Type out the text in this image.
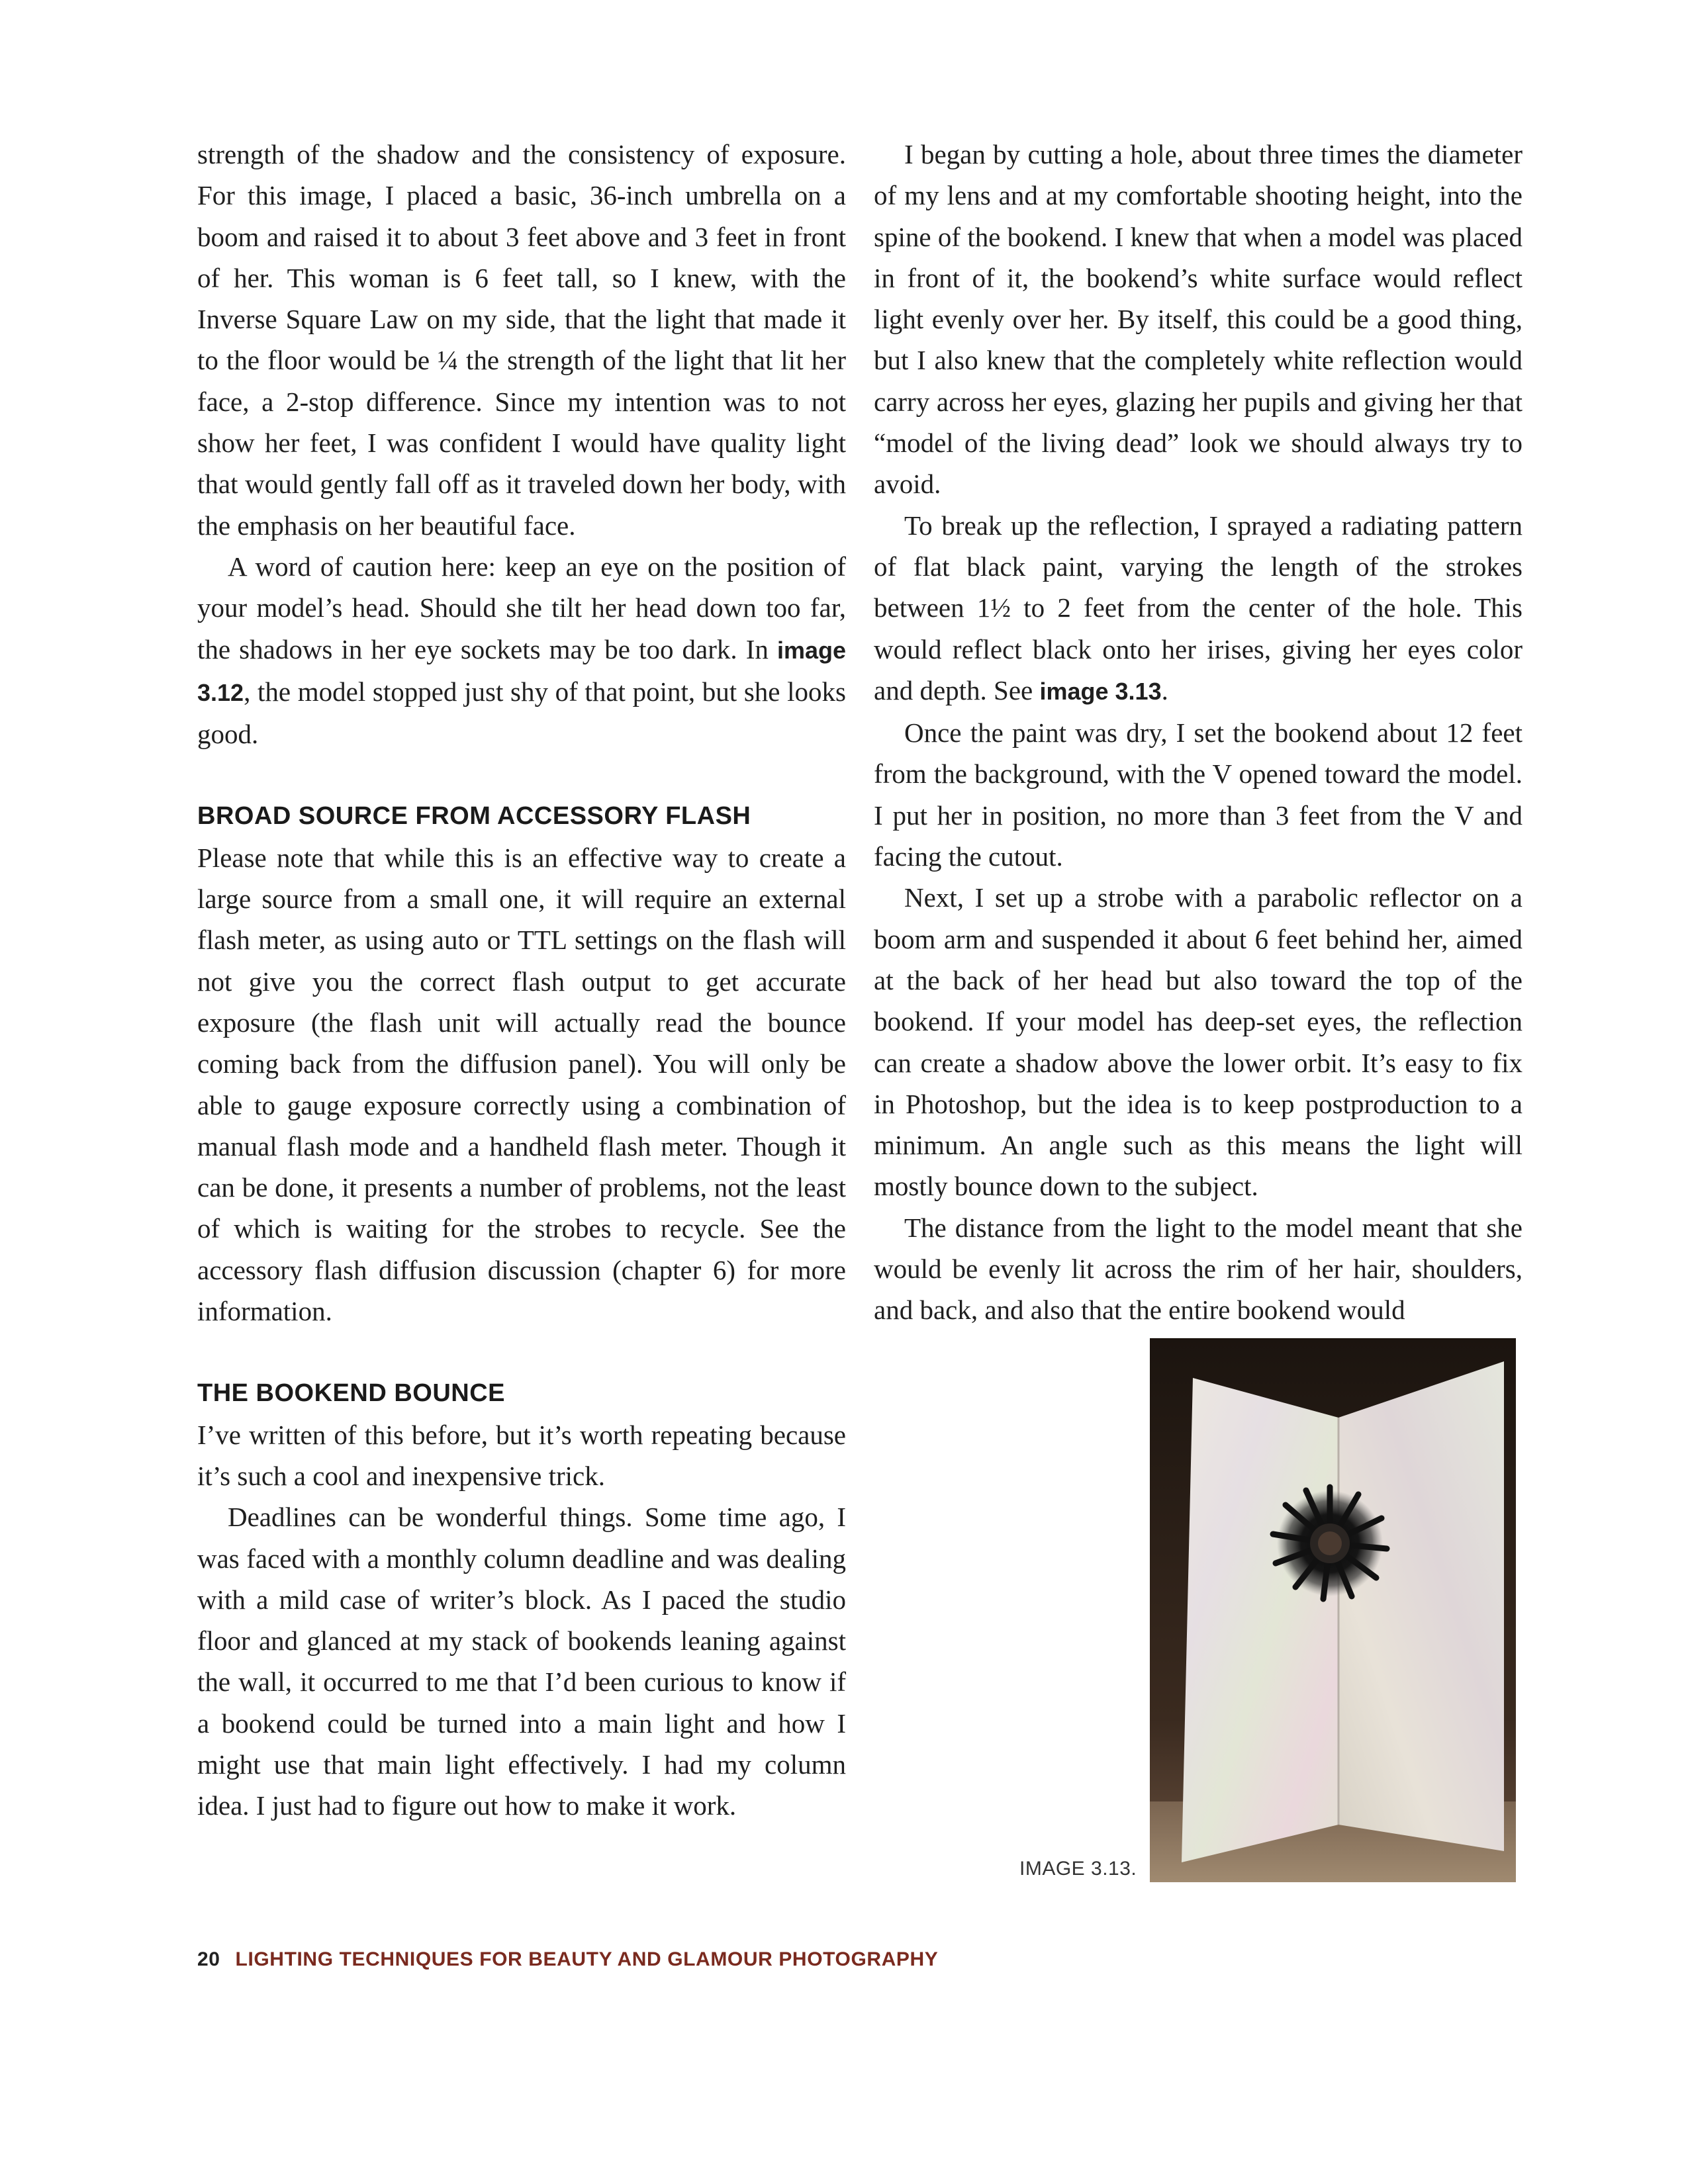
strength of the shadow and the consistency of exposure. For this image, I placed a basic, 36-inch umbrella on a boom and raised it to about 3 feet above and 3 feet in front of her. This woman is 6 feet tall, so I knew, with the Inverse Square Law on my side, that the light that made it to the floor would be ¼ the strength of the light that lit her face, a 2-stop difference. Since my intention was to not show her feet, I was confident I would have quality light that would gently fall off as it traveled down her body, with the emphasis on her beautiful face.

A word of caution here: keep an eye on the position of your model’s head. Should she tilt her head down too far, the shadows in her eye sockets may be too dark. In image 3.12, the model stopped just shy of that point, but she looks good.

BROAD SOURCE FROM ACCESSORY FLASH

Please note that while this is an effective way to create a large source from a small one, it will require an external flash meter, as using auto or TTL settings on the flash will not give you the correct flash output to get accurate exposure (the flash unit will actually read the bounce coming back from the diffusion panel). You will only be able to gauge exposure correctly using a combination of manual flash mode and a handheld flash meter. Though it can be done, it presents a number of problems, not the least of which is waiting for the strobes to recycle. See the accessory flash diffusion discussion (chapter 6) for more information.

THE BOOKEND BOUNCE

I’ve written of this before, but it’s worth repeating because it’s such a cool and inexpensive trick.

Deadlines can be wonderful things. Some time ago, I was faced with a monthly column deadline and was dealing with a mild case of writer’s block. As I paced the studio floor and glanced at my stack of bookends leaning against the wall, it occurred to me that I’d been curious to know if a bookend could be turned into a main light and how I might use that main light effectively. I had my column idea. I just had to figure out how to make it work.

I began by cutting a hole, about three times the diameter of my lens and at my comfortable shooting height, into the spine of the bookend. I knew that when a model was placed in front of it, the bookend’s white surface would reflect light evenly over her. By itself, this could be a good thing, but I also knew that the completely white reflection would carry across her eyes, glazing her pupils and giving her that “model of the living dead” look we should always try to avoid.

To break up the reflection, I sprayed a radiating pattern of flat black paint, varying the length of the strokes between 1½ to 2 feet from the center of the hole. This would reflect black onto her irises, giving her eyes color and depth. See image 3.13.

Once the paint was dry, I set the bookend about 12 feet from the background, with the V opened toward the model. I put her in position, no more than 3 feet from the V and facing the cutout.

Next, I set up a strobe with a parabolic reflector on a boom arm and suspended it about 6 feet behind her, aimed at the back of her head but also toward the top of the bookend. If your model has deep-set eyes, the reflection can create a shadow above the lower orbit. It’s easy to fix in Photoshop, but the idea is to keep postproduction to a minimum. An angle such as this means the light will mostly bounce down to the subject.

The distance from the light to the model meant that she would be evenly lit across the rim of her hair, shoulders, and back, and also that the entire bookend would

IMAGE 3.13.
20 LIGHTING TECHNIQUES FOR BEAUTY AND GLAMOUR PHOTOGRAPHY
